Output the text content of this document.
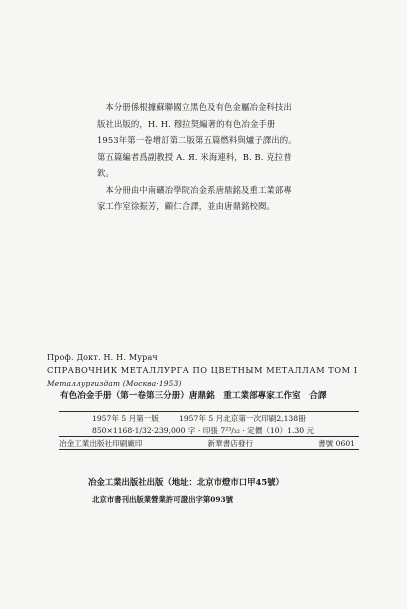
本分册係根據蘇聯國立黑色及有色金屬冶金科技出版社出版的，Н. Н. 穆拉契編著的有色冶金手册 1953年第一卷增訂第二版第五篇燃料與爐子譯出的。第五篇編者爲副教授 А. Я. 米海連科，В. В. 克拉普欽。

本分冊由中南礦冶學院冶金系唐鼎銘及重工業部專家工作室徐振芳，顧仁合譯，並由唐鼎銘校閱。

Проф. Докт. Н. Н. Мурач
СПРАВОЧНИК МЕТАЛЛУРГА ПО ЦВЕТНЫМ МЕТАЛЛАМ ТОМ I
Металлургиздат (Москва·1953)
有色冶金手册（第一卷第三分册）唐鼎銘　重工業部專家工作室　合譯
1957年 5 月第一版	1957年 5 月北京第一次印刷2,138冊
850×1168·1/32·239,000 字 · 印張 7²³/₃₂ · 定價（10）1.30 元
冶金工業出版社印刷廠印	新華書店發行	書號 0601
冶金工業出版社出版（地址：北京市燈市口甲45號）
北京市書刊出版業營業許可證出字第093號
